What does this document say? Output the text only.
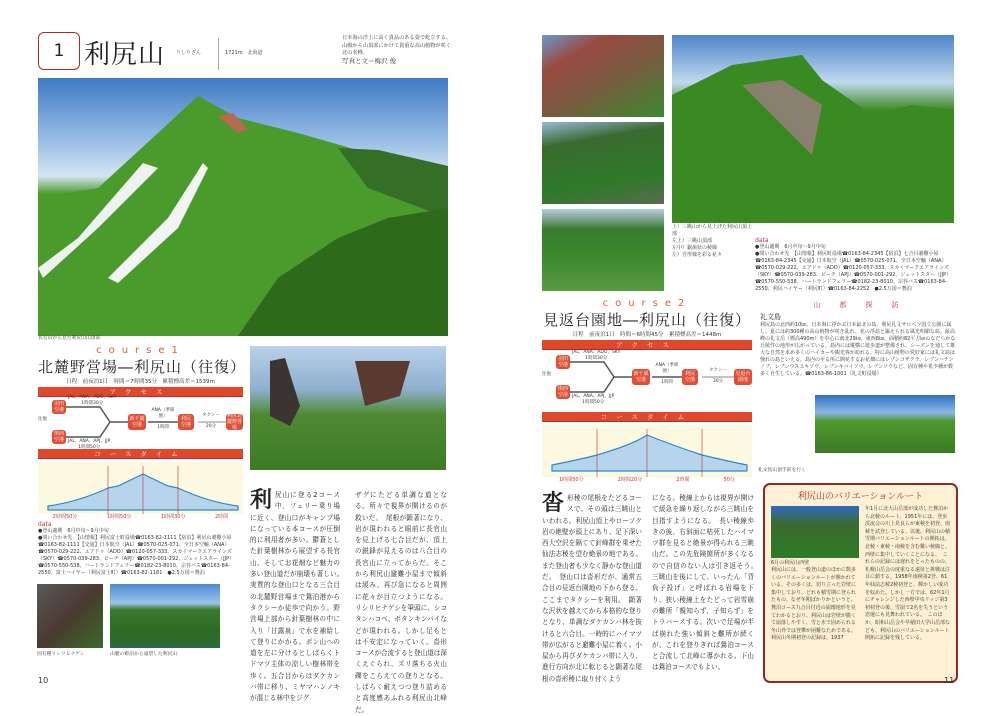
1 利尻山 りしりざん	1721m　 北海道
日本海の洋上に高く貴品のある姿で屹立する。山腹から山頂部にかけて貴重な高山植物が咲く北の名峰。
写真と文＝梅沢 俊
長官山から見た利尻山山頂部
course1
北麓野営場―利尻山（往復）
日程　前夜泊1日　時間＝7時間35分　累積標高差＝1539m
アクセス
往復
羽田空港
関西空港
新千歳空港
利尻空港
利尻北麓野営場
JAL、ANA、ADO、SKY
1時間30分
JAL、ANA、APJ、JJP
1時間50分
ANA（季節便）

1時間
タクシー

20分
コースタイム
2時間50分	1時間50分	1時間30分	2時間
data
●登山適期　6月中旬〜9月中旬
●問い合わせ先　【山情報】利尻富士町役場☎0163-82-1111【宿泊】利尻山避難小屋☎0163-82-1111【交通】日本航空（JAL）☎0570-025-071、全日本空輸（ANA）☎0570-029-222、エアドゥ（ADO）☎0120-057-333、スカイマークエアラインズ（SKY）☎0570-039-283、ピーチ（APJ）☎0570-001-292、ジェットスター（JJP）☎0570-550-538、ハートランドフェリー☎0182-23-8010、宗谷バス☎0163-84-2550、富士ハイヤー（利尻富士町）☎0163-82-1181　●2.5万図＝鴛泊
固有種リシリヒナゲシ	山麓の姫沼から遠望した利尻山
10
利尻山に登る2コース中、フェリー乗り場に近く、登山口がキャンプ場になっている本コースが圧倒的に利用者が多い。鬱蒼とした針葉樹林から展望する長官山、そしてお花畑など魅力の多い登山道だが崩壊も著しい。　実質的な登山口となる三合目の北麓野営場まで鴛泊港からタクシーか徒歩で向かう。野営場上部から針葉樹林の中に入り「甘露泉」で水を補給して登りにかかる。ポン山への道を左に分けるとしばらくトドマツ主体の涼しい樹林帯を歩く。五合目からはダケカンバ帯に移り、ミヤマハンノキが混じる林中をジグ
ザグにたどる単調な道となる。所々で視界が開けるのが救いだ。　尾根が顕著になり、岩が現われると眼前に長官山を見上げる七合目だが、頂上の鋭鋒が見えるのは八合目の長官山に立ってからだ。そこから利尻山避難小屋まで傾斜は緩み、再び急になると周囲に花々が目立つようになる。リシリヒナゲシを筆頭に、シコタンハコベ、ボタンキンバイなどが現われる。しかし足もとは不安定になっていく。沓形コースが合流すると登山道は深くえぐられ、ズリ落ちる火山礫をこらえての登りとなる。しばらく耐えつつ登り詰めると高度感あふれる利尻山北峰だ。
上）三眺山から見上げた利尻山頂上部
左上）三眺山頂部
左中）鋸歯状の稜線
左）吾形様を彩る花々
data
●登山適期　6月中旬〜9月中旬
●問い合わせ先　【山情報】利尻町役場☎0163-84-2345【宿泊】七合目避難小屋☎0163-84-2345【交通】日本航空（JAL）☎0570-025-071、全日本空輸（ANA）☎0570-029-222、エアドゥ（ADO）☎0120-057-333、スカイマークエアラインズ（SKY）☎0570-039-283、ピーチ（APJ）☎0570-001-292、ジェットスター（JJP）☎0570-550-538、ハートランドフェリー☎0182-23-8010、宗谷バス☎0163-84-2550、利尻ハイヤー（利尻町）☎0163-84-2252　●2.5万図＝鴛泊
course2
見返台園地―利尻山（往復）
日程　前夜泊1日　時間＝6時間45分　累積標高差＝1448m
アクセス
往復
羽田空港
関西空港
新千歳空港
利尻空港
見返台園地
JAL、ANA、ADO、SKY
1時間30分
JAL、ANA、APJ、JJP
1時間50分
ANA（季節便）

1時間
タクシー

30分
コースタイム
1時間50分	2時間20分	2時間	50分
沓形稜の尾根をたどるコースで、その頭は三眺山といわれる。利尻山頂上やローソク岩の絶壁が頭上にあり、足下深い西大空沢を隔てて針峰群を乗せた仙法志稜を望む絶景の地である。また登山者も少なく静かな登山道だ。　登山口は沓形だが、通常五合目の見返台園地の下から登る。ここまでタクシーを利用。　顕著な沢状を越えてから本格的な登りとなり、単調なダケカンバ林を抜けると六合目。一時的にハイマツ帯が広がると避難小屋に着く。小屋から再びダケカンバ帯に入り、進行方向が北に転じると顕著な尾根の沓形稜に取り付くよう
になる。稜線上からは視界が開けて緩急を繰り返しながら三眺山を目指すようになる。　長い稜線歩きの後、右斜面に枯死したハイマツ群を見ると絶景が得られる三眺山だ。この先危険箇所が多くなるので自信のない人は引き返そう。　三眺山を後にして、いったん「背負子投げ」と呼ばれる岩場を下り、狭い稜線上をたどって岩雪崩の難所「親知らず、子知らず」をトラバースする。次いで足場が半ば崩れた強い傾斜と難所が続くが、これを登りきれば鴛泊コースと合流して北峰に導かれる。下山は鴛泊コースでもよい。
山　都　探　訪
礼文島
利尻島の北西約10㎞、日本海に浮かぶ日本最北の島。利尻礼文サロベツ国立公園に属し、夏には約300種の高山植物が咲き乱れ、花の浮島と謳えられる風光明媚な島。最高峰の礼文岳（標高490m）を中心に南北29㎞、東西8㎞、面積約82平方㎞のなだらかな丘陵性の地形が広がっている。島内には縦横に遊歩道が整備され、シーズンを通して雄大な自然を求め多くのハイカーや観光客が訪れる。特に高山植物の愛好家には礼文島は憧れの島といえる。島内の至る所に開花するお花畑にはレブンコザクラ、レブンハナシノブ、レブンウスユキソウ、レブンキバイソウ、レブンソウなど、固有種や希少種が数多く自生している。☎0163-86-1001（礼文町役場）
礼文島山頂手前を行く
利尻山のバリエーションルート
6月の利尻山西壁
利尻山には、一般登山道のほかに数多くのバリエーションルートが開かれている。その多くは、切り立った岩壁に集中しており、どれも積雪期に登られたもの。なぜ冬期ばかりかというと、鴛泊コース九合目付近の崩壊地形を見てわかるとおり、利尻山は岩壁が脆くて崩落しやすく、雪と氷で固められる冬山外では登攀が困難なためである。　利尻山冬期初登の記録は、1937
年1月に北大山岳部が成功した鴛泊から北稜のルート。1951年には、登歩渓流会の川上晃良らが東稜を初登、南稜を試登している。以後、利尻山の積雪期バリエーションルートの開拓は、北稜・東稜・南稜を含む難い稜線と、西壁に集中していくことになる。　これらの記録には遅れをとったものの、札幌山岳会の度重なる遠征と挑戦は注目に値する。1958年南稜第2登、61年仙法志稜2稜初登と、輝かしい成功を収めた。しかし一方では、62年1月にチャレンジした西壁中央リッジ第3初初登の後、雪崩で2名を失うという悲運にも見舞われている。　このほか、昭和山岳会や早稲田大学山岳部なども、利尻山のバリエーションルート開拓に記録を残している。
11
